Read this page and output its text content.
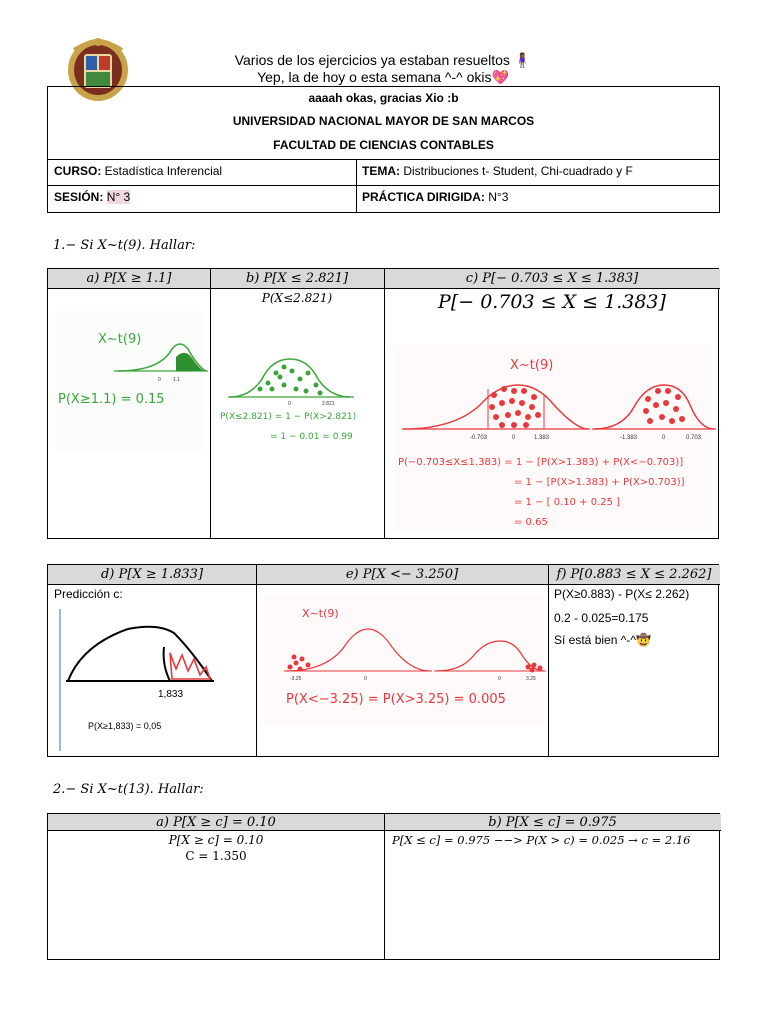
Varios de los ejercicios ya estaban resueltos 🧍🏾‍♀️
Yep, la de hoy o esta semana ^-^ okis💖
aaaah okas, gracias Xio :b
UNIVERSIDAD NACIONAL MAYOR DE SAN MARCOS
FACULTAD DE CIENCIAS CONTABLES
CURSO: Estadística Inferencial	TEMA: Distribuciones t- Student, Chi-cuadrado y F
SESIÓN: N° 3	PRÁCTICA DIRIGIDA: N°3
1.− Si X~t(9). Hallar:
a) P[X ≥ 1.1]	b) P[X ≤ 2.821]	c) P[− 0.703 ≤ X ≤ 1.383]
X∼t(9)
0 1.1
P(X≥1.1) = 0.15
P(X≤2.821)
0	2.821
P(X≤2.821) = 1 − P(X>2.821)
= 1 − 0.01 = 0.99
P[− 0.703 ≤ X ≤ 1.383]
X∼t(9)
-0.703	0	1.383	-1.383	0	0.703
P(−0.703≤X≤1.383) = 1 − [P(X>1.383) + P(X<−0.703)]
= 1 − [P(X>1.383) + P(X>0.703)]
= 1 − [ 0.10 + 0.25 ]
= 0.65
d) P[X ≥ 1.833]	e) P[X <− 3.250]	f) P[0.883 ≤ X ≤ 2.262]
Predicción c:
1,833
P(X≥1,833) = 0,05
X∼t(9)
-3.25	0	0	3.25
P(X<−3.25) = P(X>3.25) = 0.005
P(X≥0.883) - P(X≤ 2.262)
0.2 - 0.025=0.175
Sí está bien ^-^🤠
2.− Si X~t(13). Hallar:
a) P[X ≥ c] = 0.10	b) P[X ≤ c] = 0.975
P[X ≥ c] = 0.10
C = 1.350
P[X ≤ c] = 0.975 −−> P(X > c) = 0.025 → c = 2.16
